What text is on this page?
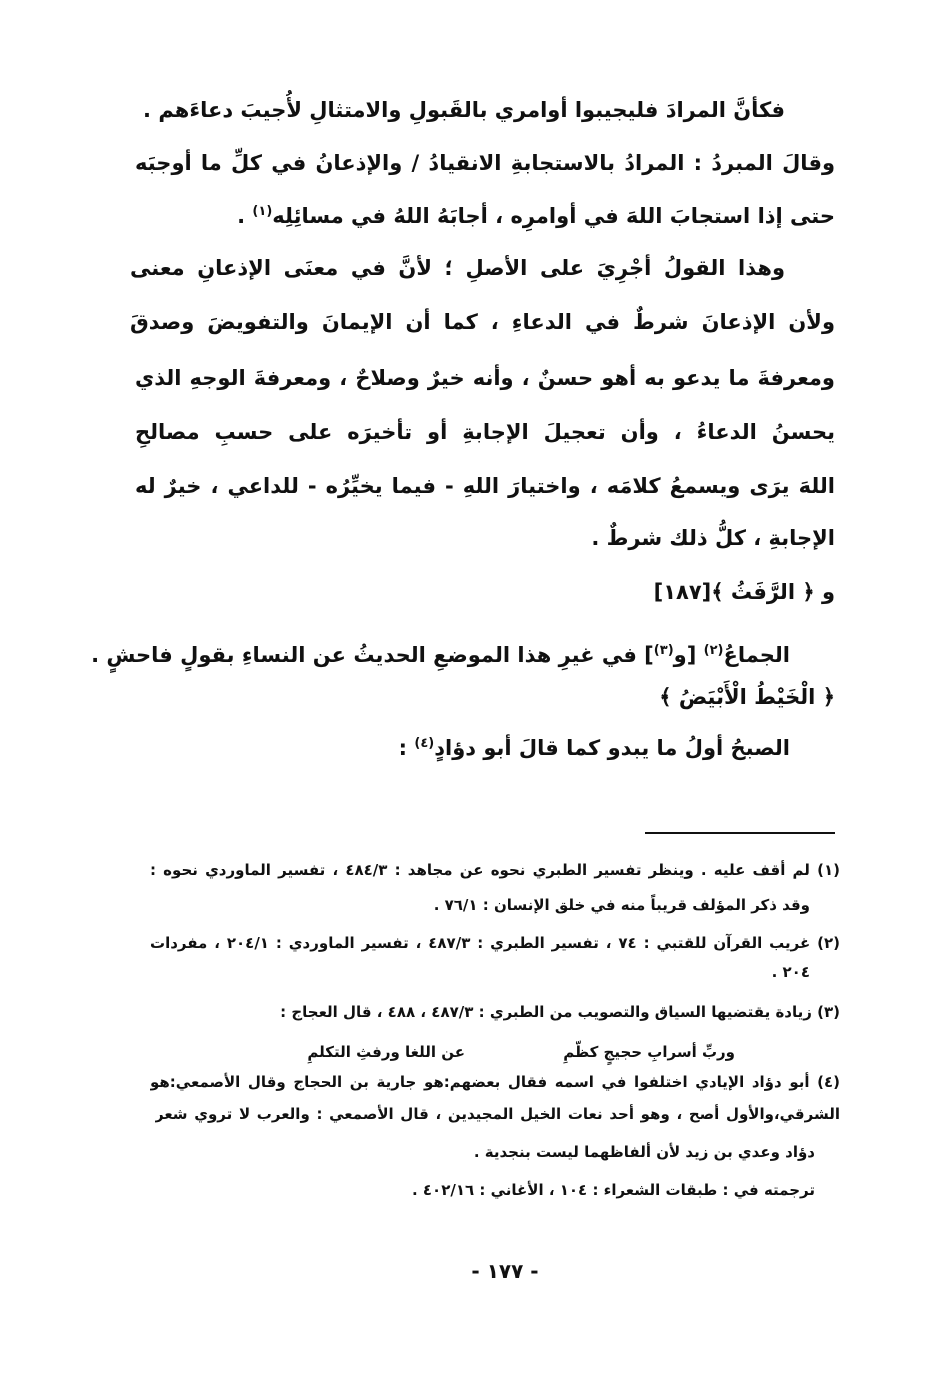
فكأنَّ المرادَ فليجيبوا أوامري بالقَبولِ والامتثالِ لأُجيبَ دعاءَهم .
وقالَ المبردُ : المرادُ بالاستجابةِ الانقيادُ / والإذعانُ في كلِّ ما أوجبَه
حتى إذا استجابَ اللهَ في أوامرِه ، أجابَهُ اللهُ في مسائِلِه$^{(١)}$ .
وهذا القولُ أجْرِيَ على الأصلِ ؛ لأنَّ في معنَى الإذعانِ معنى
ولأن الإذعانَ شرطٌ في الدعاءِ ، كما أن الإيمانَ والتفويضَ وصدقَ
ومعرفةَ ما يدعو به أهو حسنٌ ، وأنه خيرٌ وصلاحٌ ، ومعرفةَ الوجهِ الذي
يحسنُ الدعاءُ ، وأن تعجيلَ الإجابةِ أو تأخيرَه على حسبِ مصالحِ
اللهَ يرَى ويسمعُ كلامَه ، واختيارَ اللهِ - فيما يخيِّرُه - للداعي ، خيرٌ له
الإجابةِ ، كلُّ ذلك شرطٌ .
و ﴿ الرَّفَثُ ﴾[١٨٧]
الجماعُ$^{(٢)}$ [و$^{(٣)}$] في غيرِ هذا الموضعِ الحديثُ عن النساءِ بقولٍ فاحشٍ .
﴿ الْخَيْطُ الْأَبْيَضُ ﴾
الصبحُ أولُ ما يبدو كما قالَ أبو دؤادٍ$^{(٤)}$ :
(١) لم أقف عليه . وينظر تفسير الطبري نحوه عن مجاهد : ٤٨٤/٣ ، تفسير الماوردي نحوه :
وقد ذكر المؤلف قريباً منه في خلق الإنسان : ٧٦/١ .
(٢) غريب القرآن للقتبي : ٧٤ ، تفسير الطبري : ٤٨٧/٣ ، تفسير الماوردي : ٢٠٤/١ ، مفردات
٢٠٤ .
(٣) زيادة يقتضيها السياق والتصويب من الطبري : ٤٨٧/٣ ، ٤٨٨ ، قال العجاج :
وربِّ أسرابِ حجيجٍ كظّمِ
عن اللغا ورفثِ التكلمِ
(٤) أبو دؤاد الإيادي اختلفوا في اسمه فقال بعضهم:هو جارية بن الحجاج وقال الأصمعي:هو
الشرقي،والأول أصح ، وهو أحد نعات الخيل المجيدين ، قال الأصمعي : والعرب لا تروي شعر
دؤاد وعدي بن زيد لأن ألفاظهما ليست بنجدية .
ترجمته في : طبقات الشعراء : ١٠٤ ، الأغاني : ٤٠٢/١٦ .
- ١٧٧ -
